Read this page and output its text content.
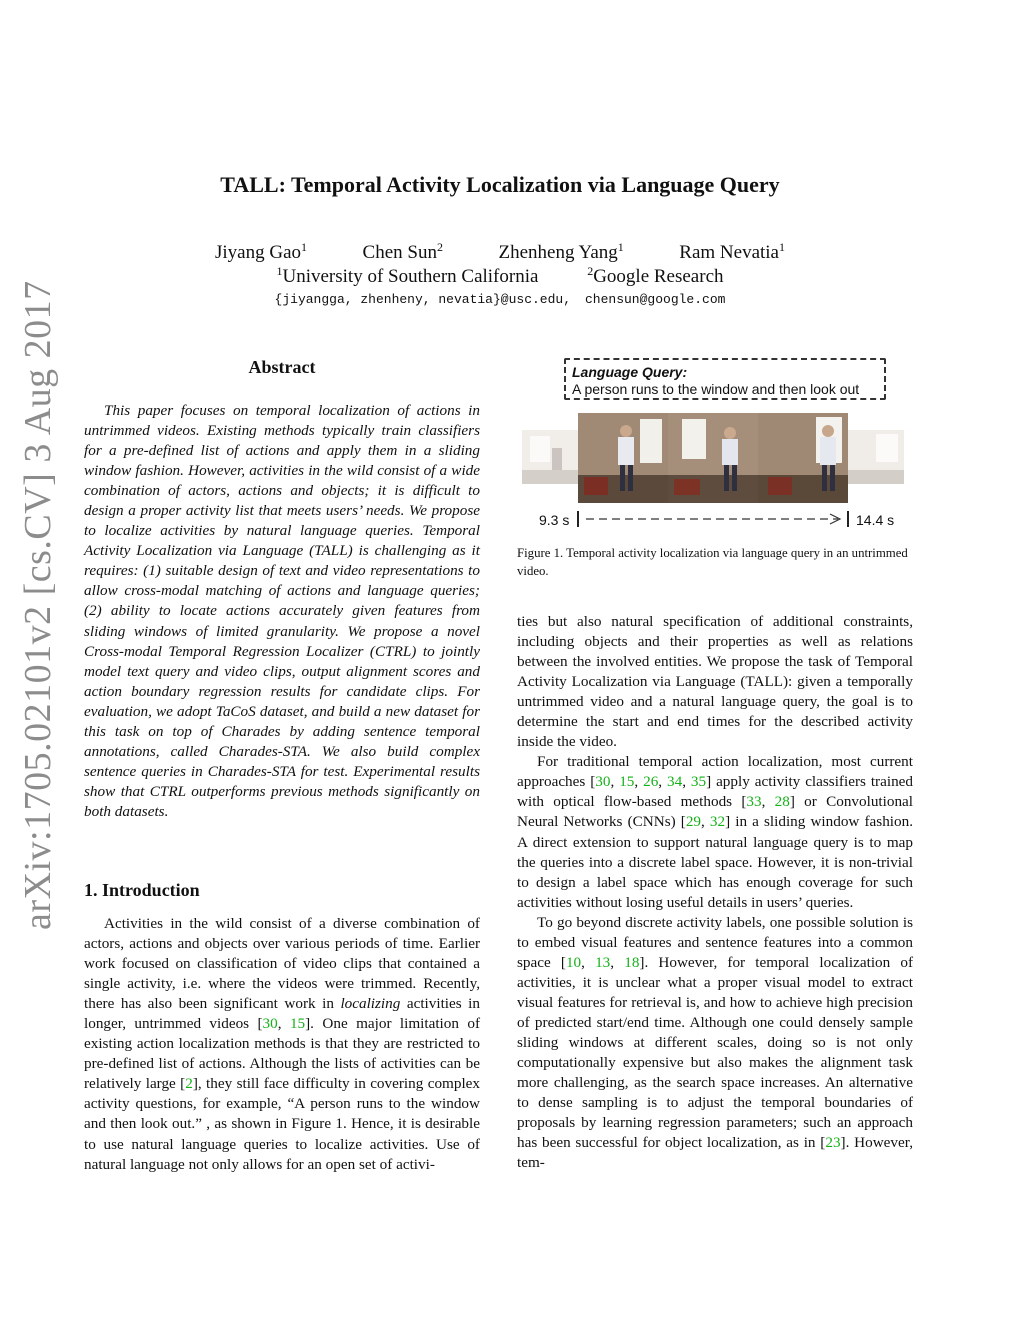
arXiv:1705.02101v2 [cs.CV] 3 Aug 2017
TALL: Temporal Activity Localization via Language Query
Jiyang Gao$^1$	Chen Sun$^2$	Zhenheng Yang$^1$	Ram Nevatia$^1$
$^1$University of Southern California	$^2$Google Research
{jiyangga, zhenheny, nevatia}@usc.edu, chensun@google.com
Abstract

This paper focuses on temporal localization of actions in untrimmed videos. Existing methods typically train classifiers for a pre-defined list of actions and apply them in a sliding window fashion. However, activities in the wild consist of a wide combination of actors, actions and objects; it is difficult to design a proper activity list that meets users’ needs. We propose to localize activities by natural language queries. Temporal Activity Localization via Language (TALL) is challenging as it requires: (1) suitable design of text and video representations to allow cross-modal matching of actions and language queries; (2) ability to locate actions accurately given features from sliding windows of limited granularity. We propose a novel Cross-modal Temporal Regression Localizer (CTRL) to jointly model text query and video clips, output alignment scores and action boundary regression results for candidate clips. For evaluation, we adopt TaCoS dataset, and build a new dataset for this task on top of Charades by adding sentence temporal annotations, called Charades-STA. We also build complex sentence queries in Charades-STA for test. Experimental results show that CTRL outperforms previous methods significantly on both datasets.

1. Introduction

Activities in the wild consist of a diverse combination of actors, actions and objects over various periods of time. Earlier work focused on classification of video clips that contained a single activity, i.e. where the videos were trimmed. Recently, there has also been significant work in localizing activities in longer, untrimmed videos [30, 15]. One major limitation of existing action localization methods is that they are restricted to pre-defined list of actions. Although the lists of activities can be relatively large [2], they still face difficulty in covering complex activity questions, for example, “A person runs to the window and then look out.” , as shown in Figure 1. Hence, it is desirable to use natural language queries to localize activities. Use of natural language not only allows for an open set of activi-

Language Query:
A person runs to the window and then look out
9.3 s	14.4 s
Figure 1. Temporal activity localization via language query in an untrimmed video.

ties but also natural specification of additional constraints, including objects and their properties as well as relations between the involved entities. We propose the task of Temporal Activity Localization via Language (TALL): given a temporally untrimmed video and a natural language query, the goal is to determine the start and end times for the described activity inside the video.

For traditional temporal action localization, most current approaches [30, 15, 26, 34, 35] apply activity classifiers trained with optical flow-based methods [33, 28] or Convolutional Neural Networks (CNNs) [29, 32] in a sliding window fashion. A direct extension to support natural language query is to map the queries into a discrete label space. However, it is non-trivial to design a label space which has enough coverage for such activities without losing useful details in users’ queries.

To go beyond discrete activity labels, one possible solution is to embed visual features and sentence features into a common space [10, 13, 18]. However, for temporal localization of activities, it is unclear what a proper visual model to extract visual features for retrieval is, and how to achieve high precision of predicted start/end time. Although one could densely sample sliding windows at different scales, doing so is not only computationally expensive but also makes the alignment task more challenging, as the search space increases. An alternative to dense sampling is to adjust the temporal boundaries of proposals by learning regression parameters; such an approach has been successful for object localization, as in [23]. However, tem-
